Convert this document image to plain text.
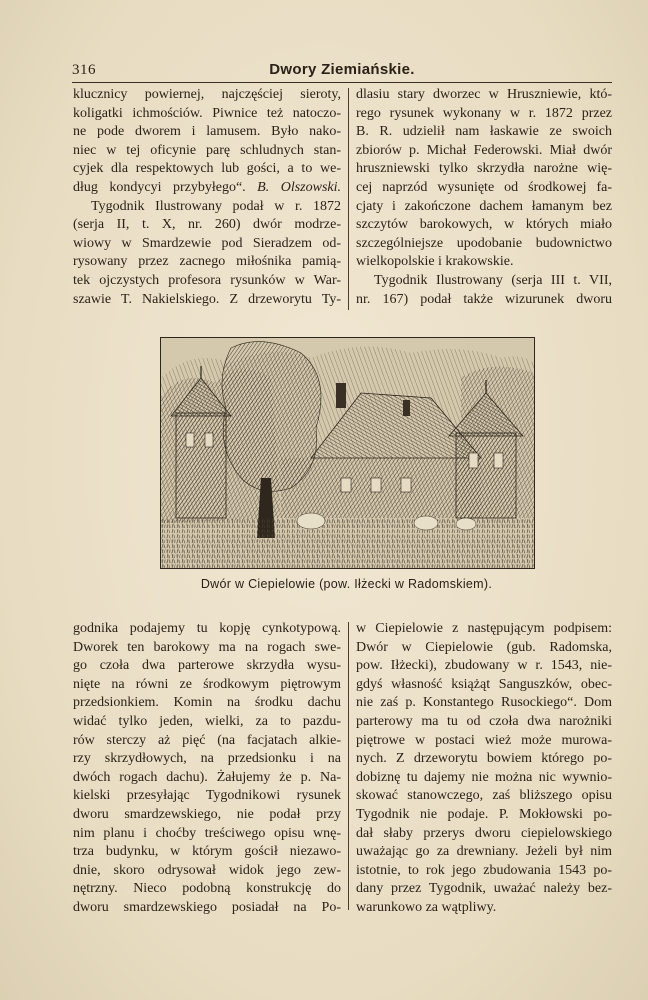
316	Dwory Ziemiańskie.
klucznicy powiernej, najczęściej sieroty,
koligatki ichmościów. Piwnice też natoczo-
ne pode dworem i lamusem. Było nako-
niec w tej oficynie parę schludnych stan-
cyjek dla respektowych lub gości, a to we-
dług kondycyi przybyłego“. B. Olszowski.
Tygodnik Ilustrowany podał w r. 1872
(serja II, t. X, nr. 260) dwór modrze-
wiowy w Smardzewie pod Sieradzem od-
rysowany przez zacnego miłośnika pamią-
tek ojczystych profesora rysunków w War-
szawie T. Nakielskiego. Z drzeworytu Ty-
dlasiu stary dworzec w Hruszniewie, któ-
rego rysunek wykonany w r. 1872 przez
B. R. udzielił nam łaskawie ze swoich
zbiorów p. Michał Federowski. Miał dwór
hruszniewski tylko skrzydła narożne wię-
cej naprzód wysunięte od środkowej fa-
cjaty i zakończone dachem łamanym bez
szczytów barokowych, w których miało
szczególniejsze upodobanie budownictwo
wielkopolskie i krakowskie.
Tygodnik Ilustrowany (serja III t. VII,
nr. 167) podał także wizurunek dworu
Dwór w Ciepielowie (pow. Iłżecki w Radomskiem).
godnika podajemy tu kopję cynkotypową.
Dworek ten barokowy ma na rogach swe-
go czoła dwa parterowe skrzydła wysu-
nięte na równi ze środkowym piętrowym
przedsionkiem. Komin na środku dachu
widać tylko jeden, wielki, za to pazdu-
rów sterczy aż pięć (na facjatach alkie-
rzy skrzydłowych, na przedsionku i na
dwóch rogach dachu). Żałujemy że p. Na-
kielski przesyłając Tygodnikowi rysunek
dworu smardzewskiego, nie podał przy
nim planu i choćby treściwego opisu wnę-
trza budynku, w którym gościł niezawo-
dnie, skoro odrysował widok jego zew-
nętrzny. Nieco podobną konstrukcję do
dworu smardzewskiego posiadał na Po-
w Ciepielowie z następującym podpisem:
Dwór w Ciepielowie (gub. Radomska,
pow. Iłżecki), zbudowany w r. 1543, nie-
gdyś własność książąt Sanguszków, obec-
nie zaś p. Konstantego Rusockiego“. Dom
parterowy ma tu od czoła dwa narożniki
piętrowe w postaci wież może murowa-
nych. Z drzeworytu bowiem którego po-
dobiznę tu dajemy nie można nic wywnio-
skować stanowczego, zaś bliższego opisu
Tygodnik nie podaje. P. Mokłowski po-
dał słaby przerys dworu ciepielowskiego
uważając go za drewniany. Jeżeli był nim
istotnie, to rok jego zbudowania 1543 po-
dany przez Tygodnik, uważać należy bez-
warunkowo za wątpliwy.
